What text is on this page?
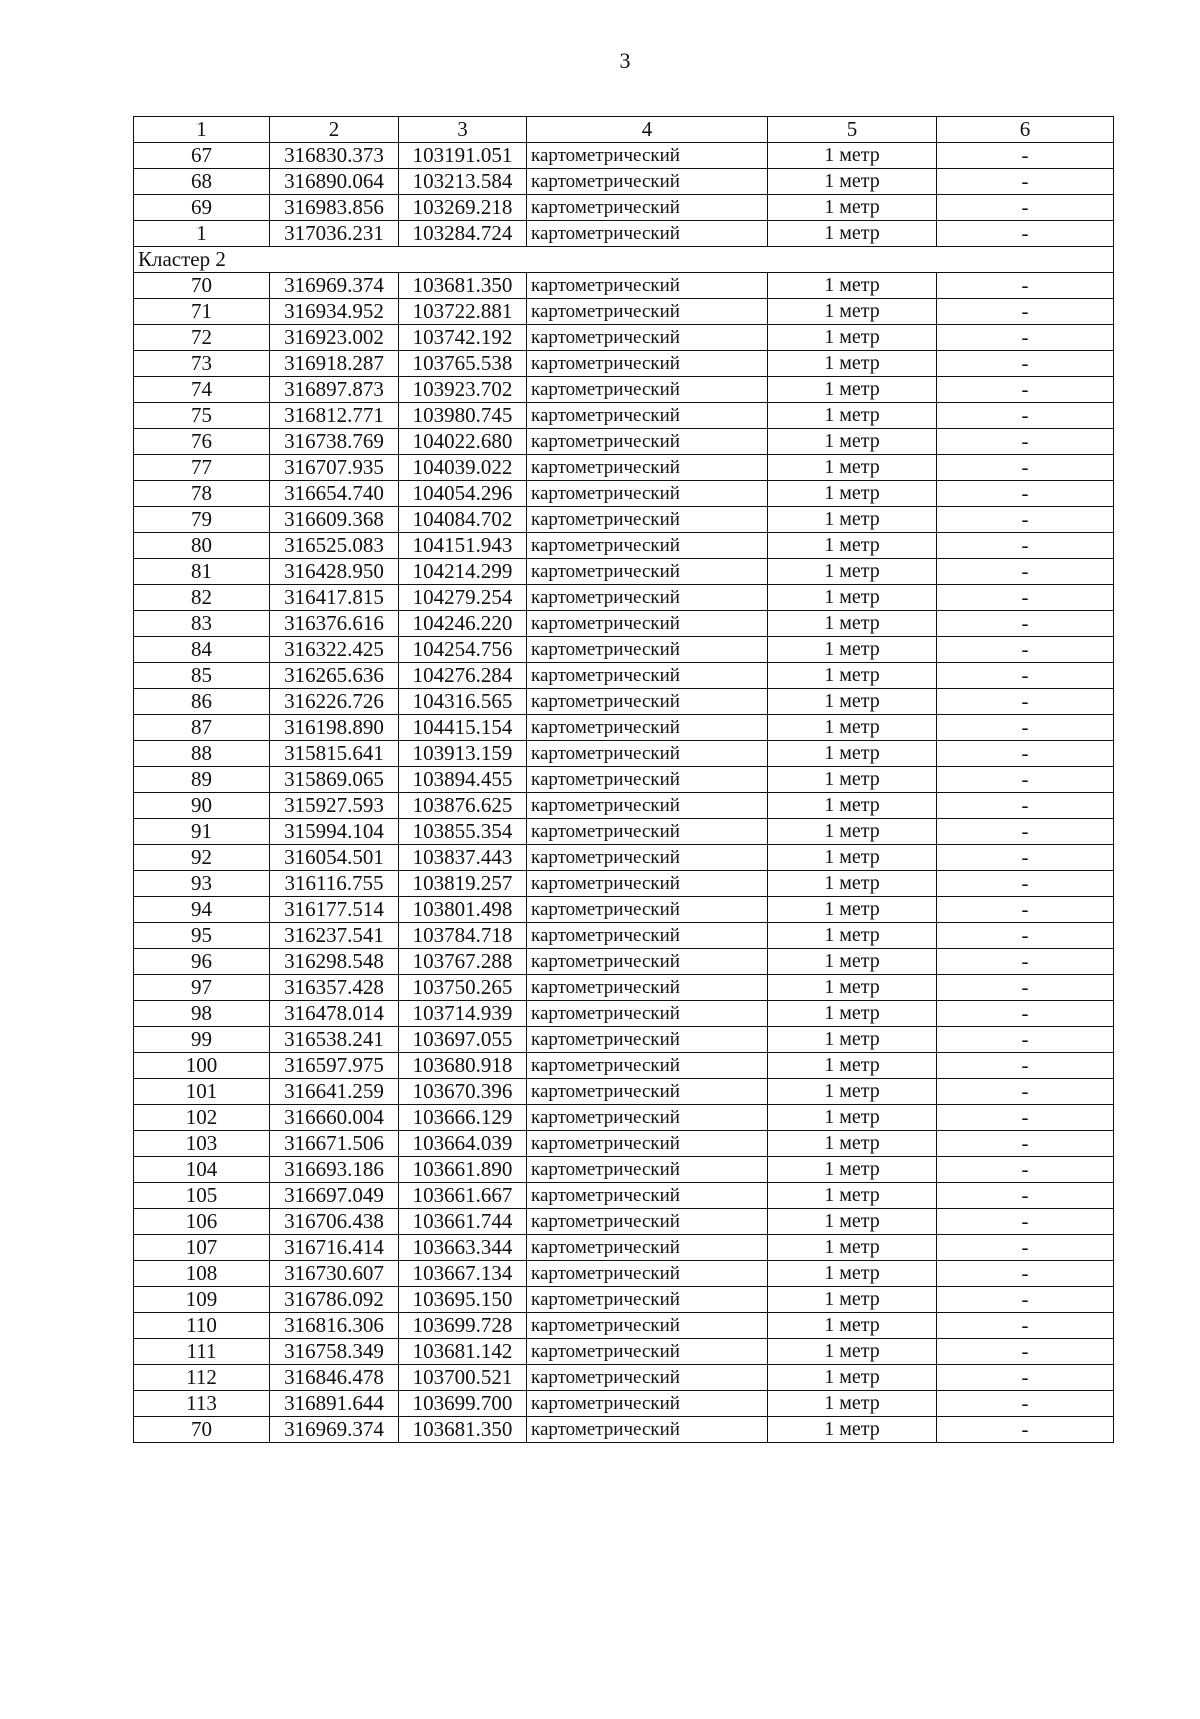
3
1	2	3	4	5	6
67	316830.373	103191.051	картометрический	1 метр	-
68	316890.064	103213.584	картометрический	1 метр	-
69	316983.856	103269.218	картометрический	1 метр	-
1	317036.231	103284.724	картометрический	1 метр	-
Кластер 2					
70	316969.374	103681.350	картометрический	1 метр	-
71	316934.952	103722.881	картометрический	1 метр	-
72	316923.002	103742.192	картометрический	1 метр	-
73	316918.287	103765.538	картометрический	1 метр	-
74	316897.873	103923.702	картометрический	1 метр	-
75	316812.771	103980.745	картометрический	1 метр	-
76	316738.769	104022.680	картометрический	1 метр	-
77	316707.935	104039.022	картометрический	1 метр	-
78	316654.740	104054.296	картометрический	1 метр	-
79	316609.368	104084.702	картометрический	1 метр	-
80	316525.083	104151.943	картометрический	1 метр	-
81	316428.950	104214.299	картометрический	1 метр	-
82	316417.815	104279.254	картометрический	1 метр	-
83	316376.616	104246.220	картометрический	1 метр	-
84	316322.425	104254.756	картометрический	1 метр	-
85	316265.636	104276.284	картометрический	1 метр	-
86	316226.726	104316.565	картометрический	1 метр	-
87	316198.890	104415.154	картометрический	1 метр	-
88	315815.641	103913.159	картометрический	1 метр	-
89	315869.065	103894.455	картометрический	1 метр	-
90	315927.593	103876.625	картометрический	1 метр	-
91	315994.104	103855.354	картометрический	1 метр	-
92	316054.501	103837.443	картометрический	1 метр	-
93	316116.755	103819.257	картометрический	1 метр	-
94	316177.514	103801.498	картометрический	1 метр	-
95	316237.541	103784.718	картометрический	1 метр	-
96	316298.548	103767.288	картометрический	1 метр	-
97	316357.428	103750.265	картометрический	1 метр	-
98	316478.014	103714.939	картометрический	1 метр	-
99	316538.241	103697.055	картометрический	1 метр	-
100	316597.975	103680.918	картометрический	1 метр	-
101	316641.259	103670.396	картометрический	1 метр	-
102	316660.004	103666.129	картометрический	1 метр	-
103	316671.506	103664.039	картометрический	1 метр	-
104	316693.186	103661.890	картометрический	1 метр	-
105	316697.049	103661.667	картометрический	1 метр	-
106	316706.438	103661.744	картометрический	1 метр	-
107	316716.414	103663.344	картометрический	1 метр	-
108	316730.607	103667.134	картометрический	1 метр	-
109	316786.092	103695.150	картометрический	1 метр	-
110	316816.306	103699.728	картометрический	1 метр	-
111	316758.349	103681.142	картометрический	1 метр	-
112	316846.478	103700.521	картометрический	1 метр	-
113	316891.644	103699.700	картометрический	1 метр	-
70	316969.374	103681.350	картометрический	1 метр	-
